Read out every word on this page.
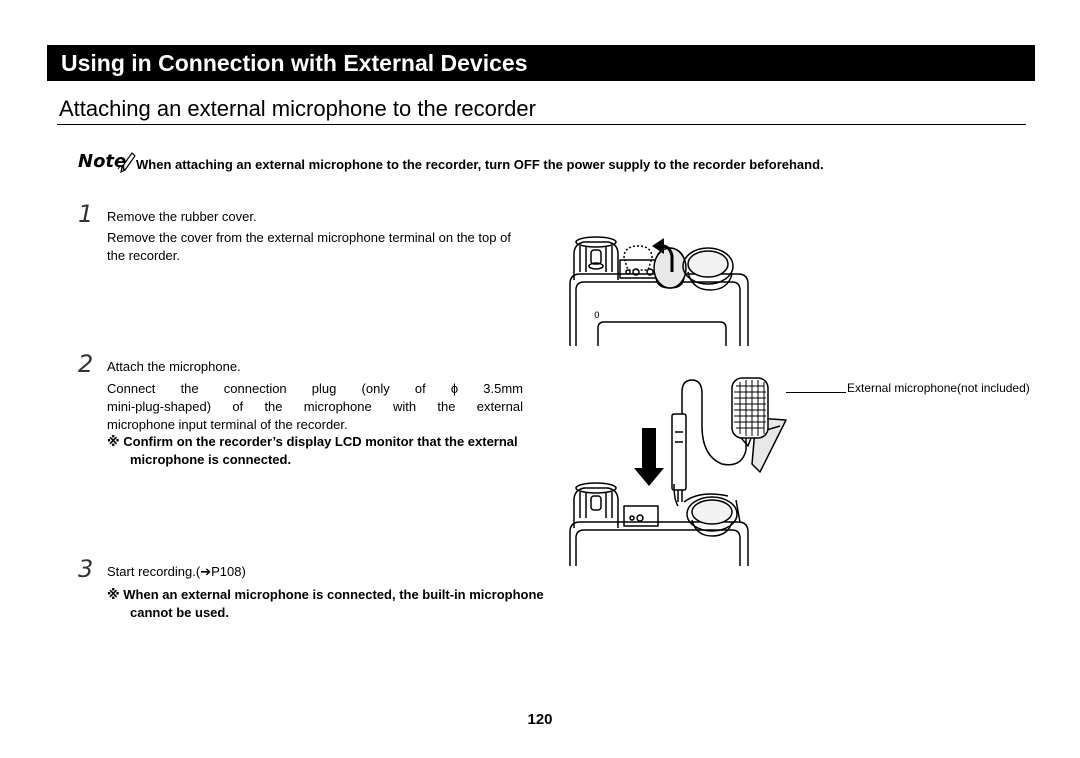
Using in Connection with External Devices
Attaching an external microphone to the recorder
Note When attaching an external microphone to the recorder, turn OFF the power supply to the recorder beforehand.
1 Remove the rubber cover.
Remove the cover from the external microphone terminal on the top of the recorder.
2 Attach the microphone.
Connect the connection plug (only of ϕ 3.5mm
mini-plug-shaped) of the microphone with the external
microphone input terminal of the recorder.
※ Confirm on the recorder’s display LCD monitor that the external microphone is connected.
3 Start recording.(➔P108)
※ When an external microphone is connected, the built-in microphone cannot be used.
0
External microphone(not included)
120
